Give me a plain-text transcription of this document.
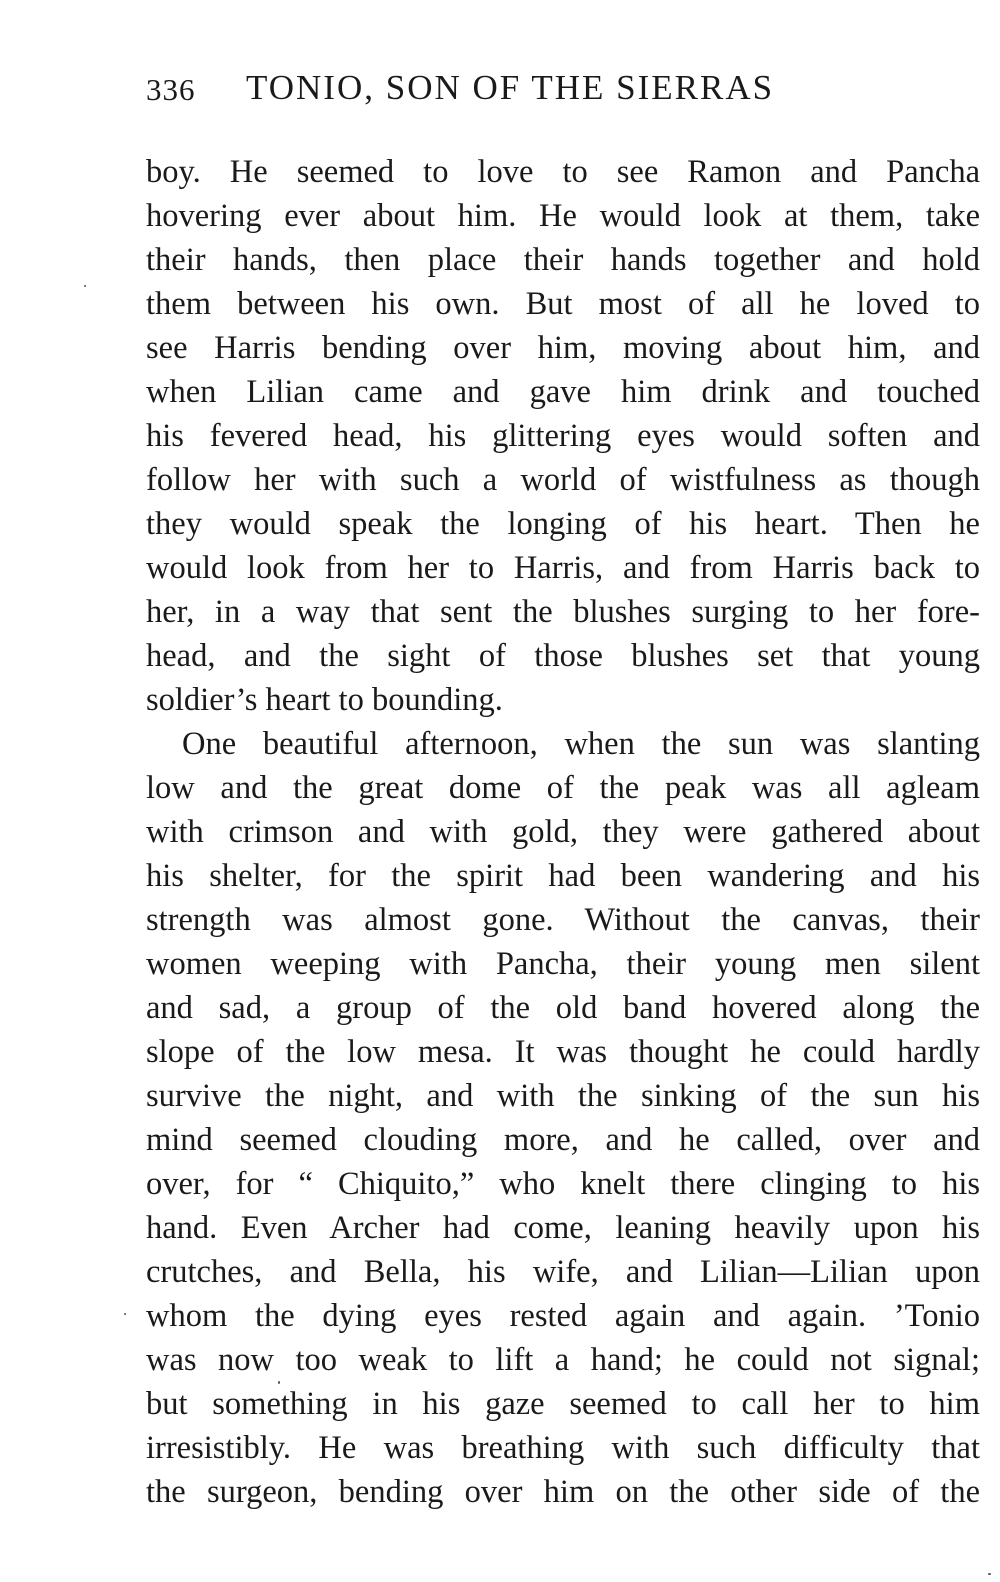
336 TONIO, SON OF THE SIERRAS
boy. He seemed to love to see Ramon and Pancha
hovering ever about him. He would look at them, take
their hands, then place their hands together and hold
them between his own. But most of all he loved to
see Harris bending over him, moving about him, and
when Lilian came and gave him drink and touched
his fevered head, his glittering eyes would soften and
follow her with such a world of wistfulness as though
they would speak the longing of his heart. Then he
would look from her to Harris, and from Harris back to
her, in a way that sent the blushes surging to her fore-
head, and the sight of those blushes set that young
soldier’s heart to bounding.
One beautiful afternoon, when the sun was slanting
low and the great dome of the peak was all agleam
with crimson and with gold, they were gathered about
his shelter, for the spirit had been wandering and his
strength was almost gone. Without the canvas, their
women weeping with Pancha, their young men silent
and sad, a group of the old band hovered along the
slope of the low mesa. It was thought he could hardly
survive the night, and with the sinking of the sun his
mind seemed clouding more, and he called, over and
over, for “ Chiquito,” who knelt there clinging to his
hand. Even Archer had come, leaning heavily upon his
crutches, and Bella, his wife, and Lilian—Lilian upon
whom the dying eyes rested again and again. ’Tonio
was now too weak to lift a hand; he could not signal;
but something in his gaze seemed to call her to him
irresistibly. He was breathing with such difficulty that
the surgeon, bending over him on the other side of the
